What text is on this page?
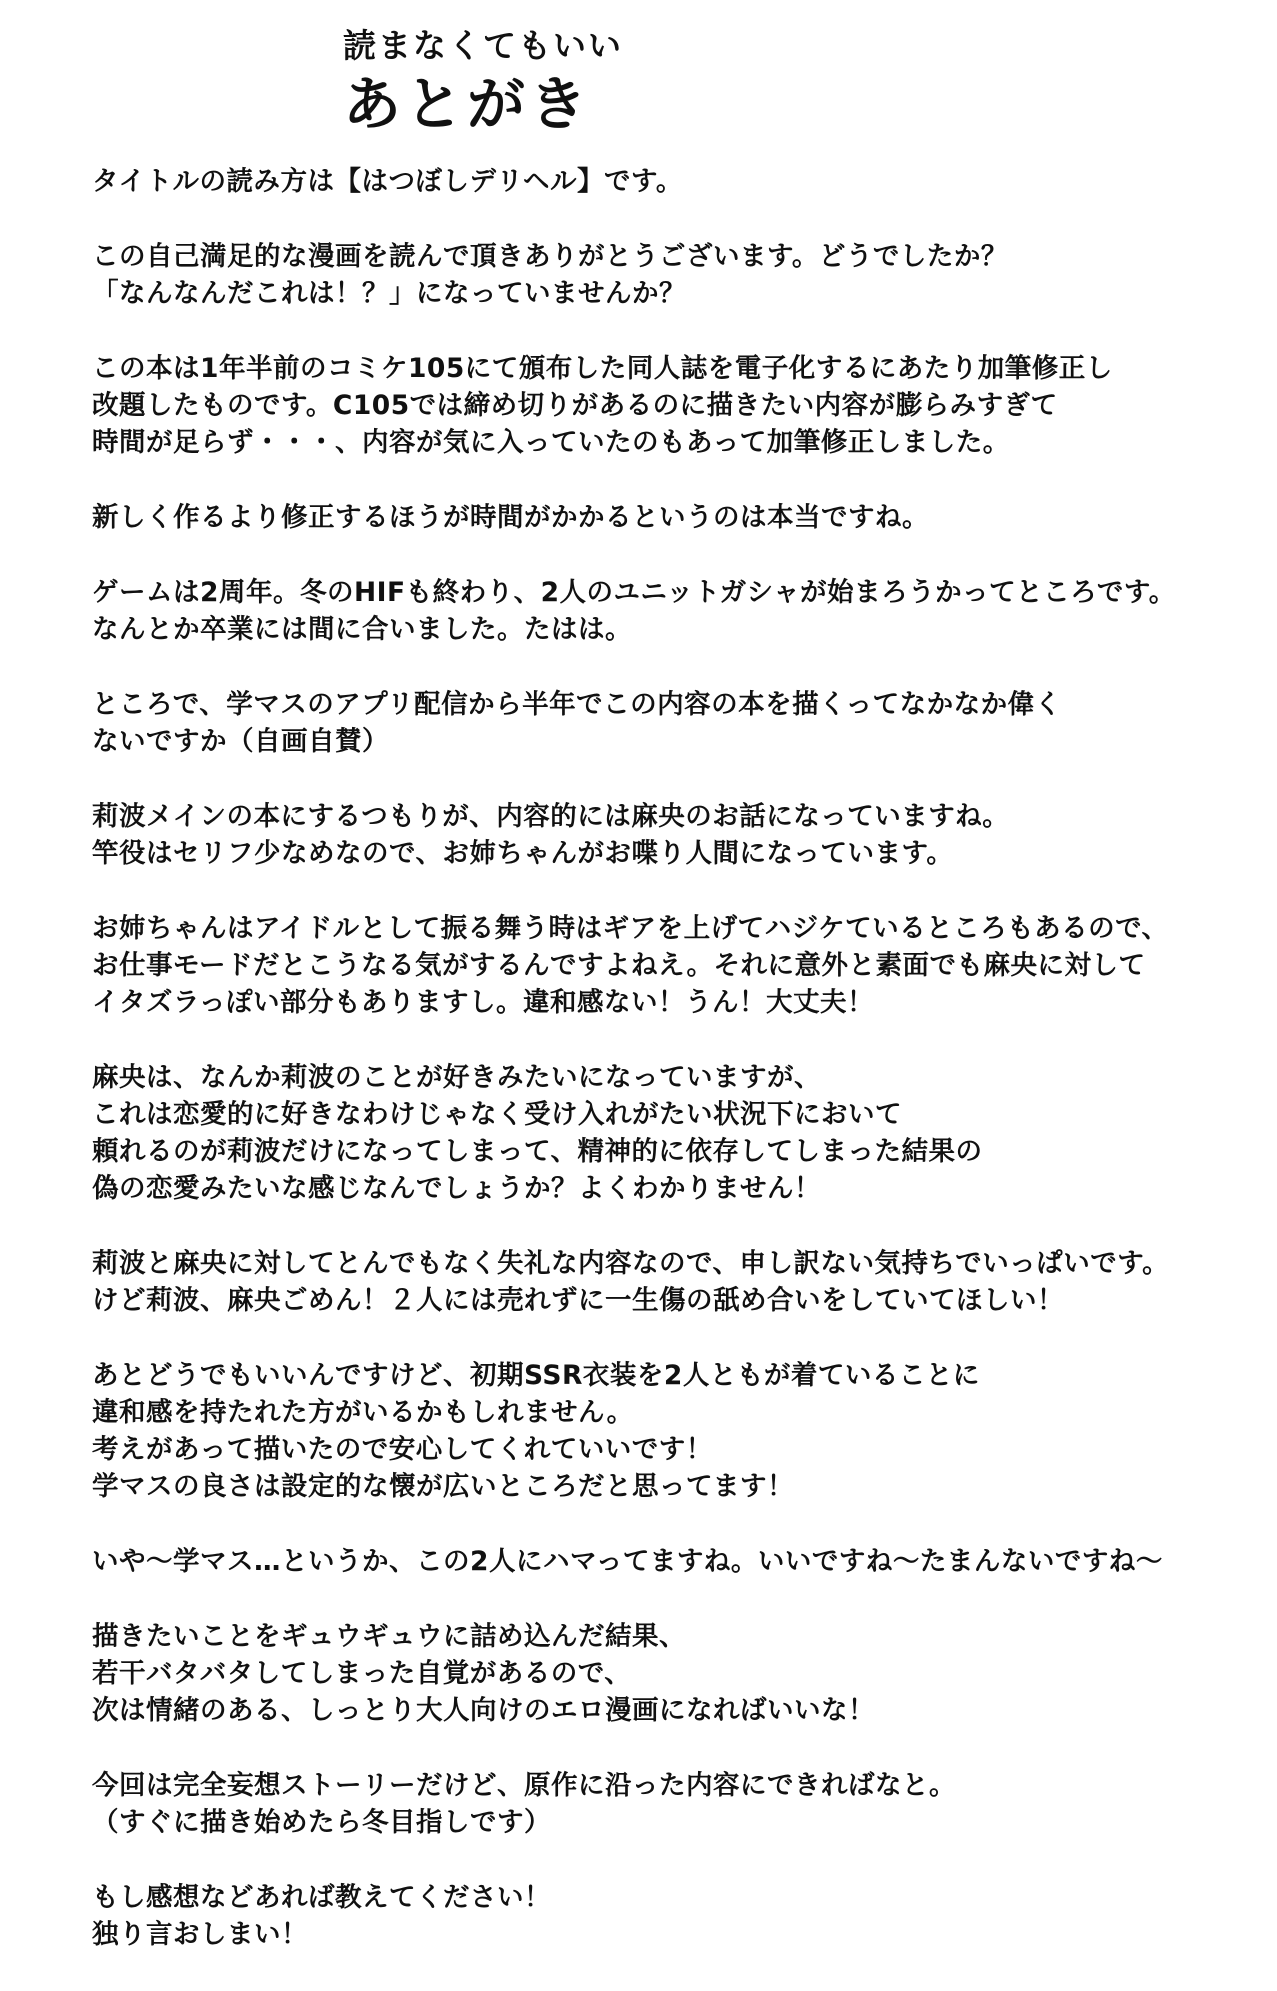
読まなくてもいい
あとがき
タイトルの読み方は【はつぼしデリヘル】です。
この自己満足的な漫画を読んで頂きありがとうございます。どうでしたか？
「なんなんだこれは！？」になっていませんか？
この本は1年半前のコミケ105にて頒布した同人誌を電子化するにあたり加筆修正し
改題したものです。C105では締め切りがあるのに描きたい内容が膨らみすぎて
時間が足らず・・・、内容が気に入っていたのもあって加筆修正しました。
新しく作るより修正するほうが時間がかかるというのは本当ですね。
ゲームは2周年。冬のHIFも終わり、2人のユニットガシャが始まろうかってところです。
なんとか卒業には間に合いました。たはは。
ところで、学マスのアプリ配信から半年でこの内容の本を描くってなかなか偉く
ないですか（自画自賛）
莉波メインの本にするつもりが、内容的には麻央のお話になっていますね。
竿役はセリフ少なめなので、お姉ちゃんがお喋り人間になっています。
お姉ちゃんはアイドルとして振る舞う時はギアを上げてハジケているところもあるので、
お仕事モードだとこうなる気がするんですよねえ。それに意外と素面でも麻央に対して
イタズラっぽい部分もありますし。違和感ない！うん！大丈夫！
麻央は、なんか莉波のことが好きみたいになっていますが、
これは恋愛的に好きなわけじゃなく受け入れがたい状況下において
頼れるのが莉波だけになってしまって、精神的に依存してしまった結果の
偽の恋愛みたいな感じなんでしょうか？よくわかりません！
莉波と麻央に対してとんでもなく失礼な内容なので、申し訳ない気持ちでいっぱいです。
けど莉波、麻央ごめん！２人には売れずに一生傷の舐め合いをしていてほしい！
あとどうでもいいんですけど、初期SSR衣装を2人ともが着ていることに
違和感を持たれた方がいるかもしれません。
考えがあって描いたので安心してくれていいです！
学マスの良さは設定的な懐が広いところだと思ってます！
いや～学マス…というか、この2人にハマってますね。いいですね～たまんないですね～
描きたいことをギュウギュウに詰め込んだ結果、
若干バタバタしてしまった自覚があるので、
次は情緒のある、しっとり大人向けのエロ漫画になればいいな！
今回は完全妄想ストーリーだけど、原作に沿った内容にできればなと。
（すぐに描き始めたら冬目指しです）
もし感想などあれば教えてください！
独り言おしまい！
